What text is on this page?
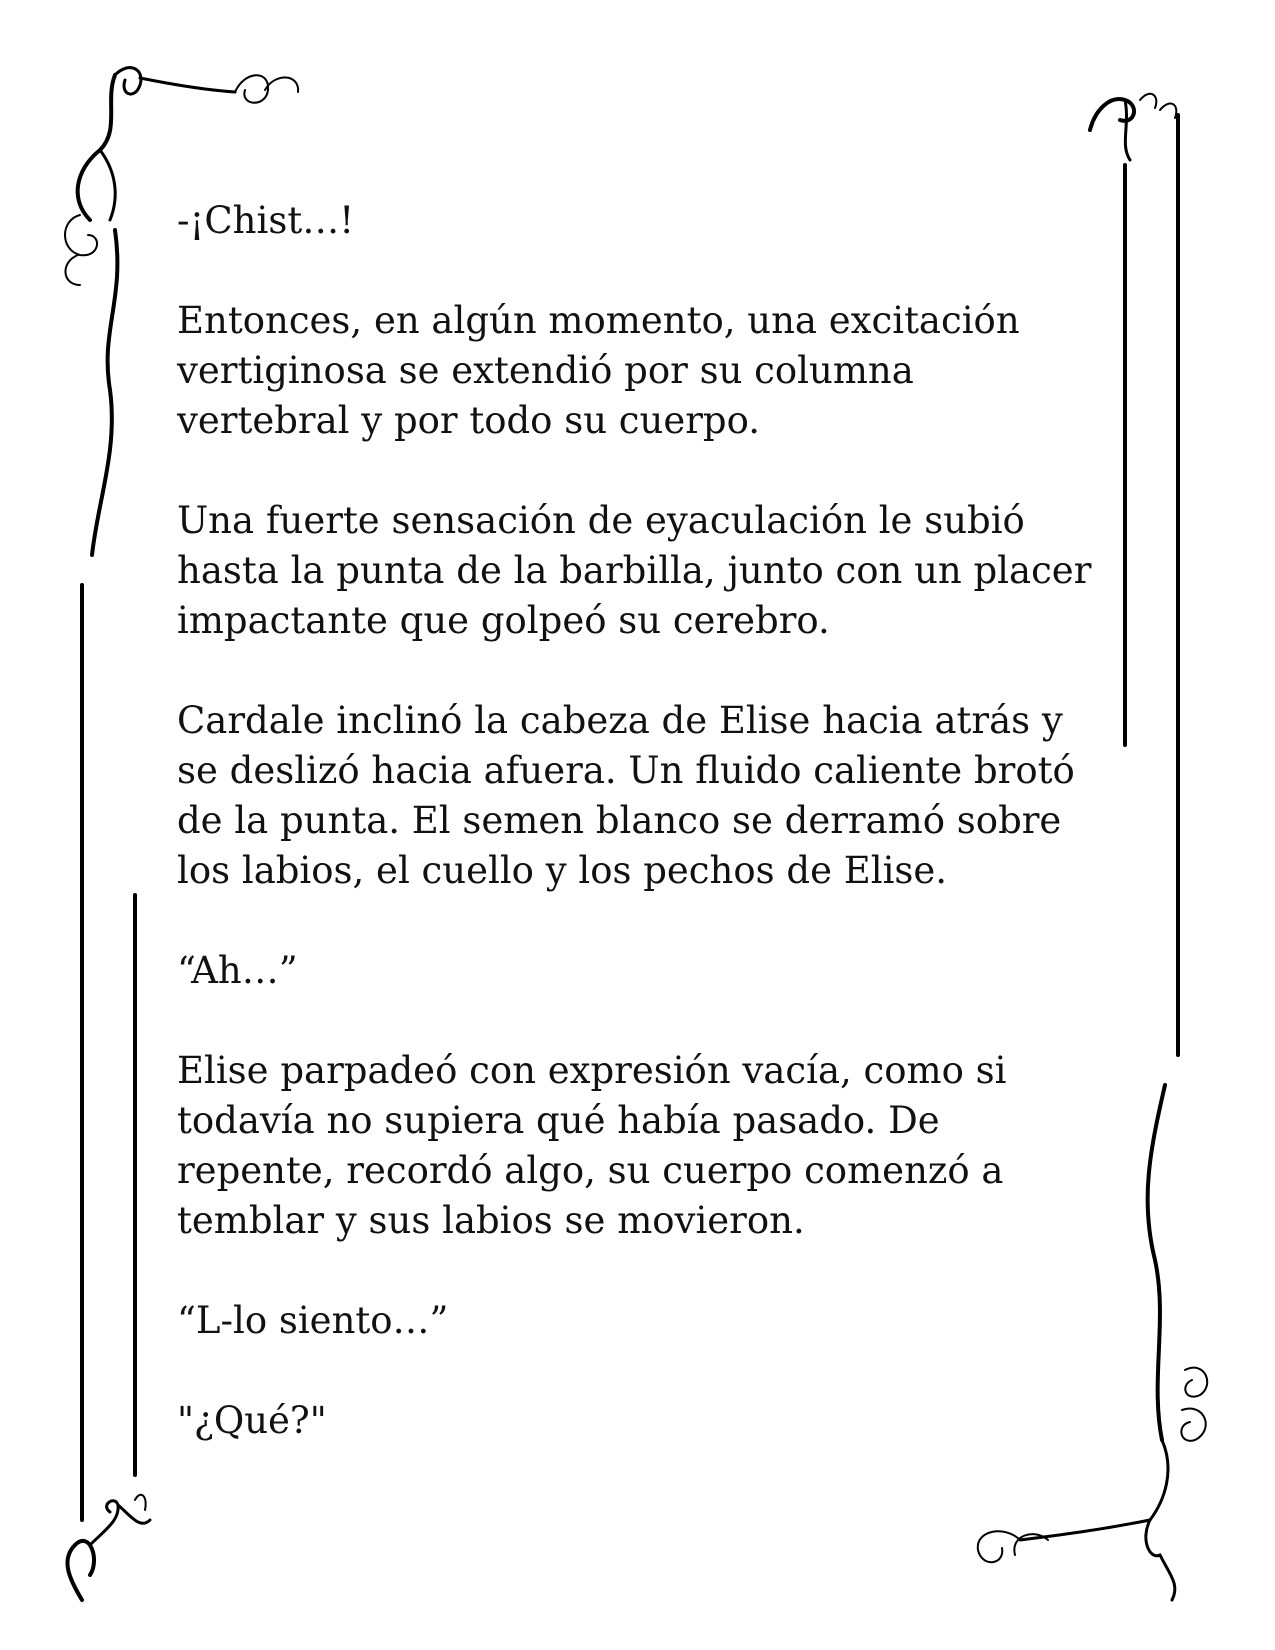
-¡Chist…!

Entonces, en algún momento, una excitación vertiginosa se extendió por su columna vertebral y por todo su cuerpo.

Una fuerte sensación de eyaculación le subió hasta la punta de la barbilla, junto con un placer impactante que golpeó su cerebro.

Cardale inclinó la cabeza de Elise hacia atrás y se deslizó hacia afuera. Un fluido caliente brotó de la punta. El semen blanco se derramó sobre los labios, el cuello y los pechos de Elise.

“Ah…”

Elise parpadeó con expresión vacía, como si todavía no supiera qué había pasado. De repente, recordó algo, su cuerpo comenzó a temblar y sus labios se movieron.

“L-lo siento…”

"¿Qué?"
